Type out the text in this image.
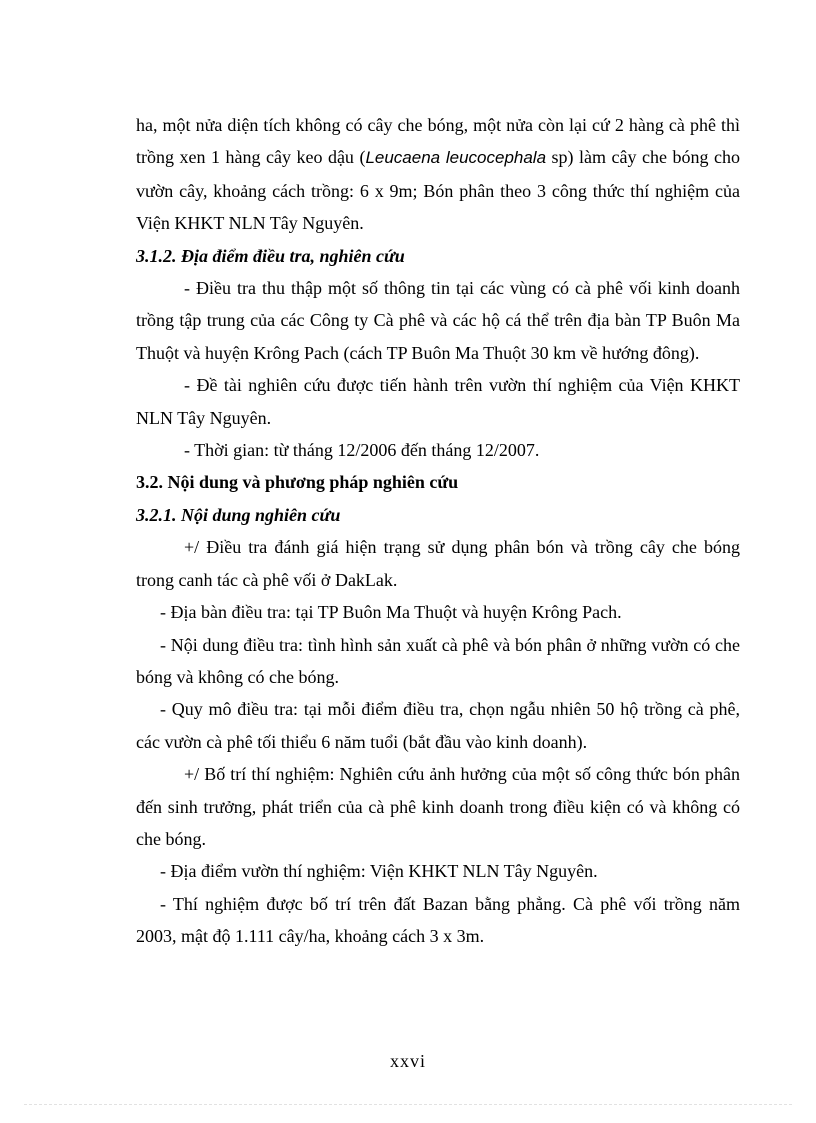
ha, một nửa diện tích không có cây che bóng, một nửa còn lại cứ 2 hàng cà phê thì trồng xen 1 hàng cây keo dậu (Leucaena leucocephala sp) làm cây che bóng cho vườn cây, khoảng cách trồng: 6 x 9m; Bón phân theo 3 công thức thí nghiệm của Viện KHKT NLN Tây Nguyên.

3.1.2. Địa điểm điều tra, nghiên cứu

- Điều tra thu thập một số thông tin tại các vùng có cà phê vối kinh doanh trồng tập trung của các Công ty Cà phê và các hộ cá thể trên địa bàn TP Buôn Ma Thuột và huyện Krông Pach (cách TP Buôn Ma Thuột 30 km về hướng đông).

- Đề tài nghiên cứu được tiến hành trên vườn thí nghiệm của Viện KHKT NLN Tây Nguyên.

- Thời gian: từ tháng 12/2006 đến tháng 12/2007.

3.2. Nội dung và phương pháp nghiên cứu

3.2.1. Nội dung nghiên cứu

+/ Điều tra đánh giá hiện trạng sử dụng phân bón và trồng cây che bóng trong canh tác cà phê vối ở DakLak.

- Địa bàn điều tra: tại TP Buôn Ma Thuột và huyện Krông Pach.

- Nội dung điều tra: tình hình sản xuất cà phê và bón phân ở những vườn có che bóng và không có che bóng.

- Quy mô điều tra: tại mỗi điểm điều tra, chọn ngẫu nhiên 50 hộ trồng cà phê, các vườn cà phê tối thiểu 6 năm tuổi (bắt đầu vào kinh doanh).

+/ Bố trí thí nghiệm: Nghiên cứu ảnh hưởng của một số công thức bón phân đến sinh trưởng, phát triển của cà phê kinh doanh trong điều kiện có và không có che bóng.

- Địa điểm vườn thí nghiệm: Viện KHKT NLN Tây Nguyên.

- Thí nghiệm được bố trí trên đất Bazan bằng phẳng. Cà phê vối trồng năm 2003, mật độ 1.111 cây/ha, khoảng cách 3 x 3m.

xxvi
